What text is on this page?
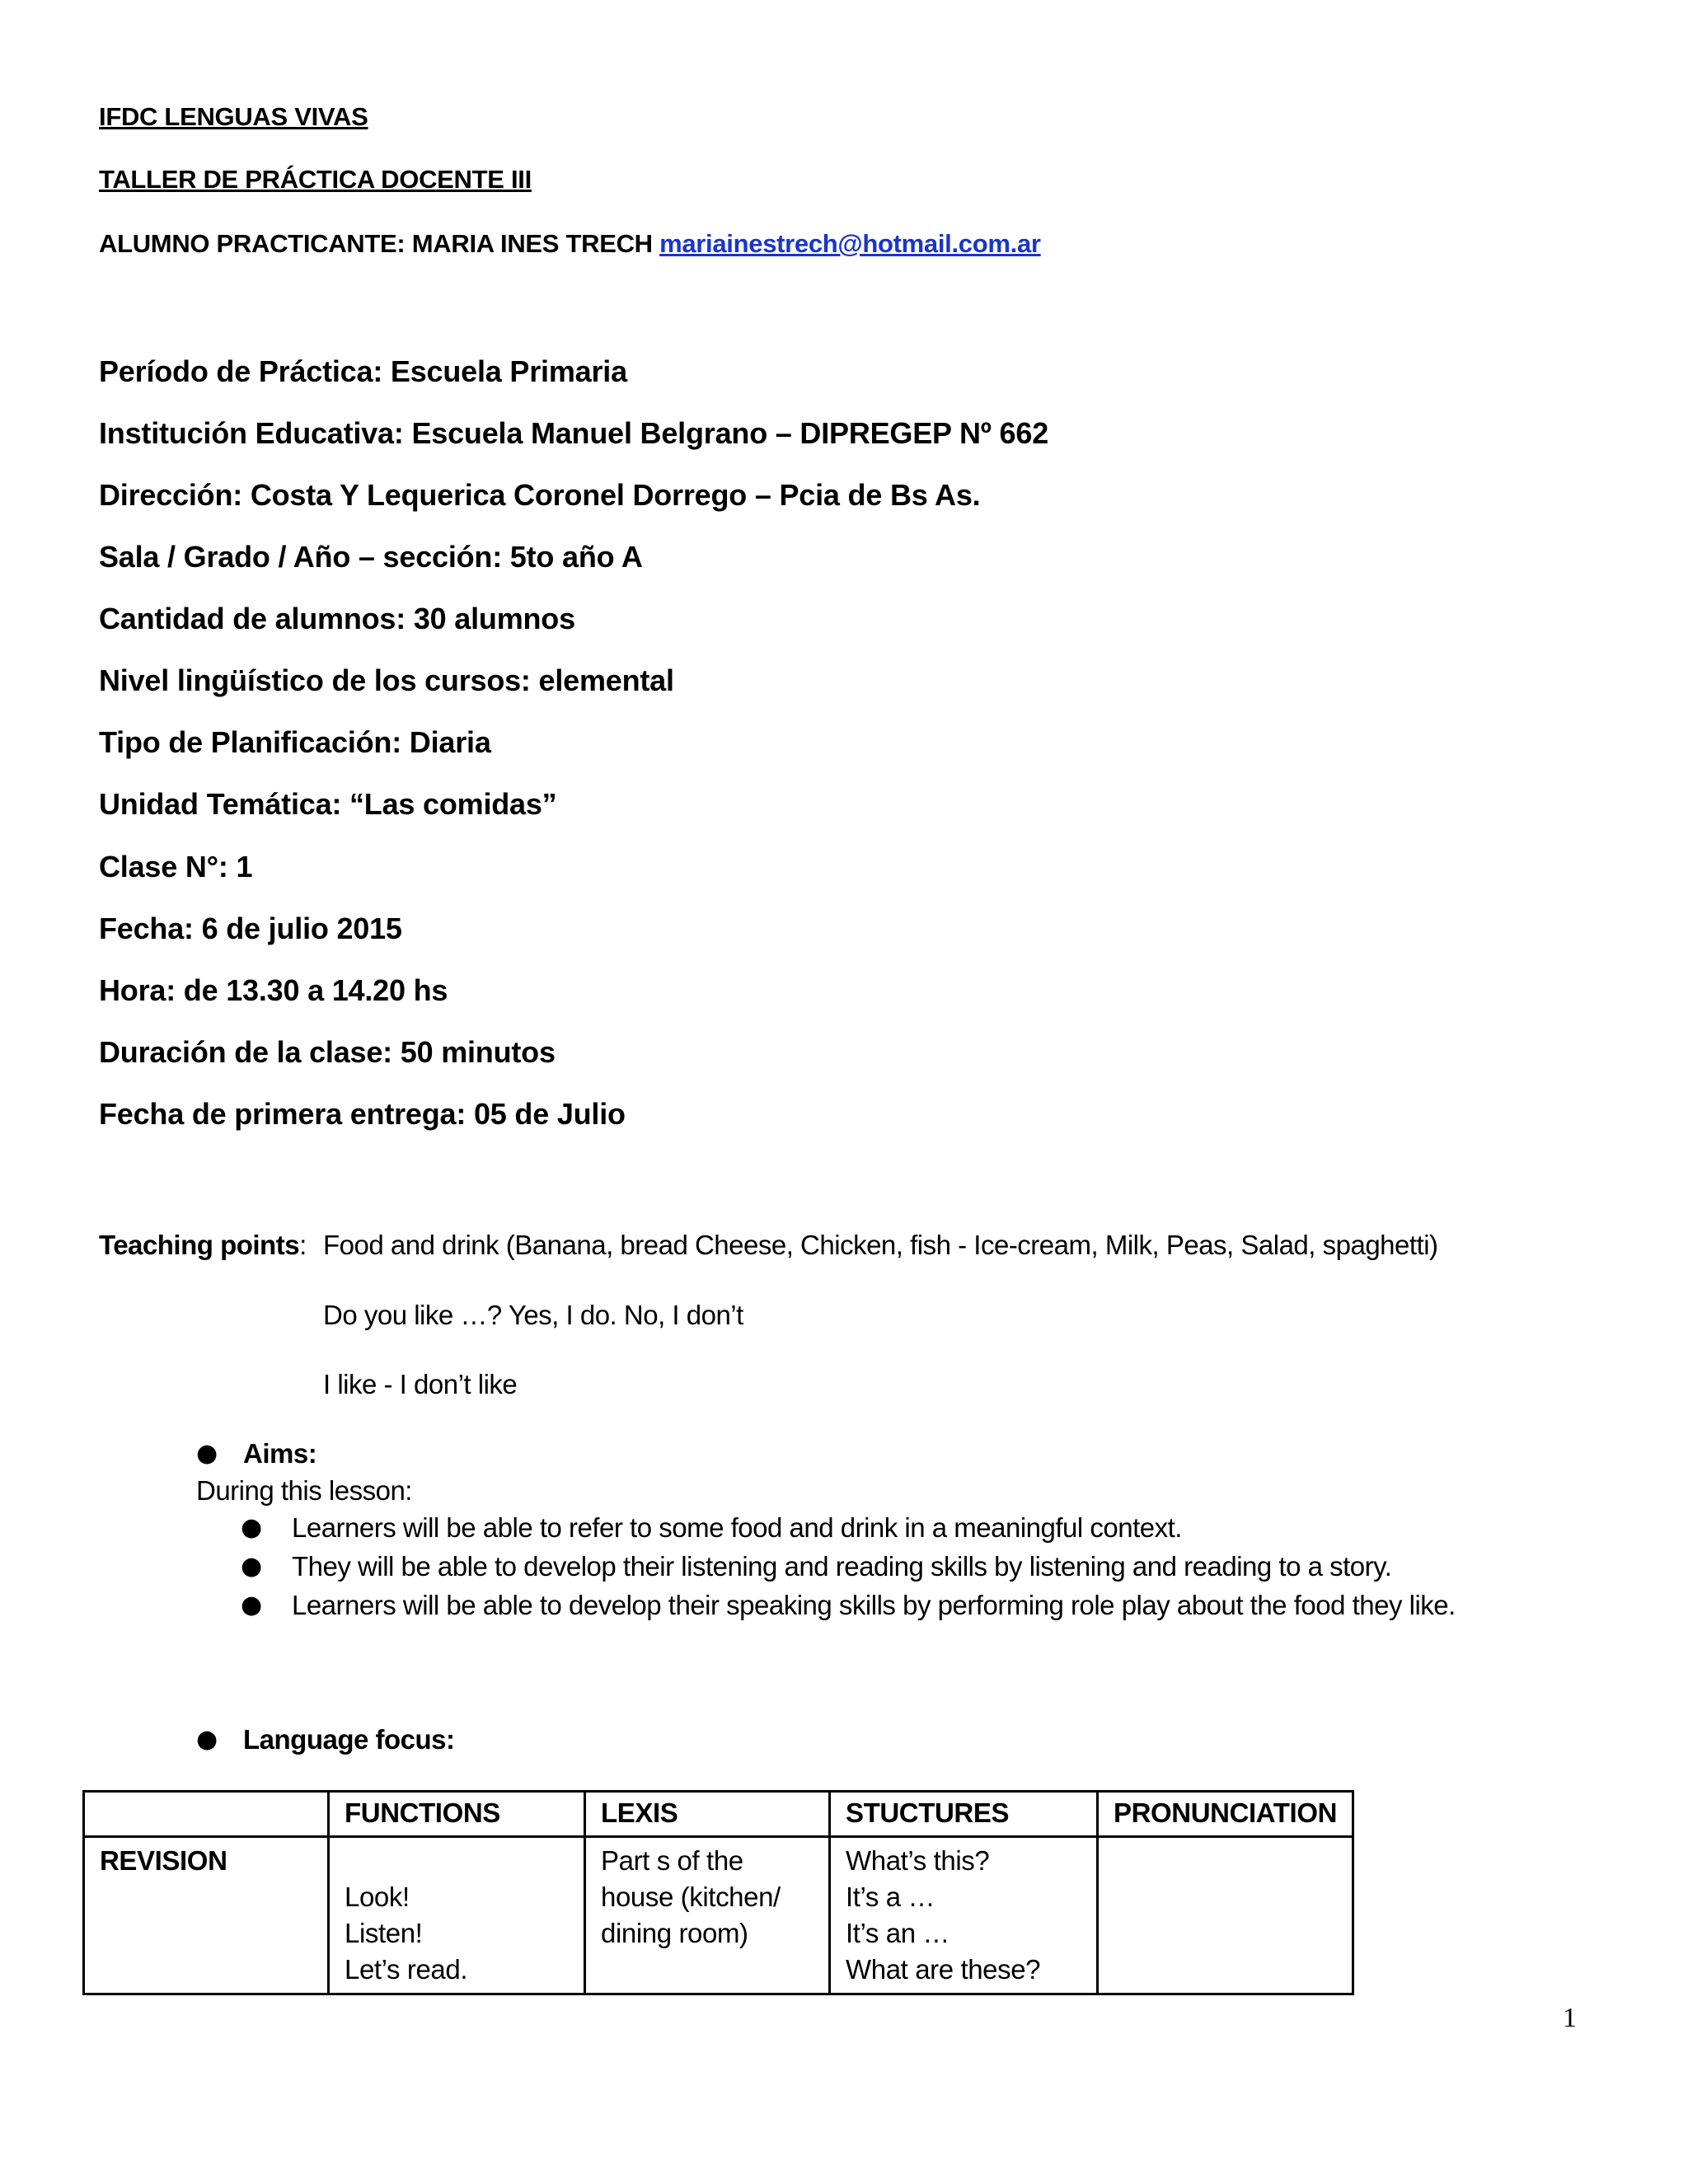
IFDC LENGUAS VIVAS
TALLER DE PRÁCTICA DOCENTE III
ALUMNO PRACTICANTE: MARIA INES TRECH mariainestrech@hotmail.com.ar
Período de Práctica: Escuela Primaria
Institución Educativa: Escuela Manuel Belgrano – DIPREGEP Nº 662
Dirección: Costa Y Lequerica Coronel Dorrego – Pcia de Bs As.
Sala / Grado / Año – sección: 5to año A
Cantidad de alumnos: 30 alumnos
Nivel lingüístico de los cursos: elemental
Tipo de Planificación: Diaria
Unidad Temática: “Las comidas”
Clase N°: 1
Fecha: 6 de julio 2015
Hora: de 13.30 a 14.20 hs
Duración de la clase: 50 minutos
Fecha de primera entrega: 05 de Julio
Teaching points: Food and drink (Banana, bread Cheese, Chicken, fish - Ice-cream, Milk, Peas, Salad, spaghetti)
Do you like …? Yes, I do. No, I don’t
I like - I don’t like
● Aims:
During this lesson:
● Learners will be able to refer to some food and drink in a meaningful context.
● They will be able to develop their listening and reading skills by listening and reading to a story.
● Learners will be able to develop their speaking skills by performing role play about the food they like.
● Language focus:
	FUNCTIONS	LEXIS	STUCTURES	PRONUNCIATION
REVISION	Look!
Listen!
Let’s read.	Part s of the
house (kitchen/
dining room)	What’s this?
It’s a …
It’s an …
What are these?	

1
